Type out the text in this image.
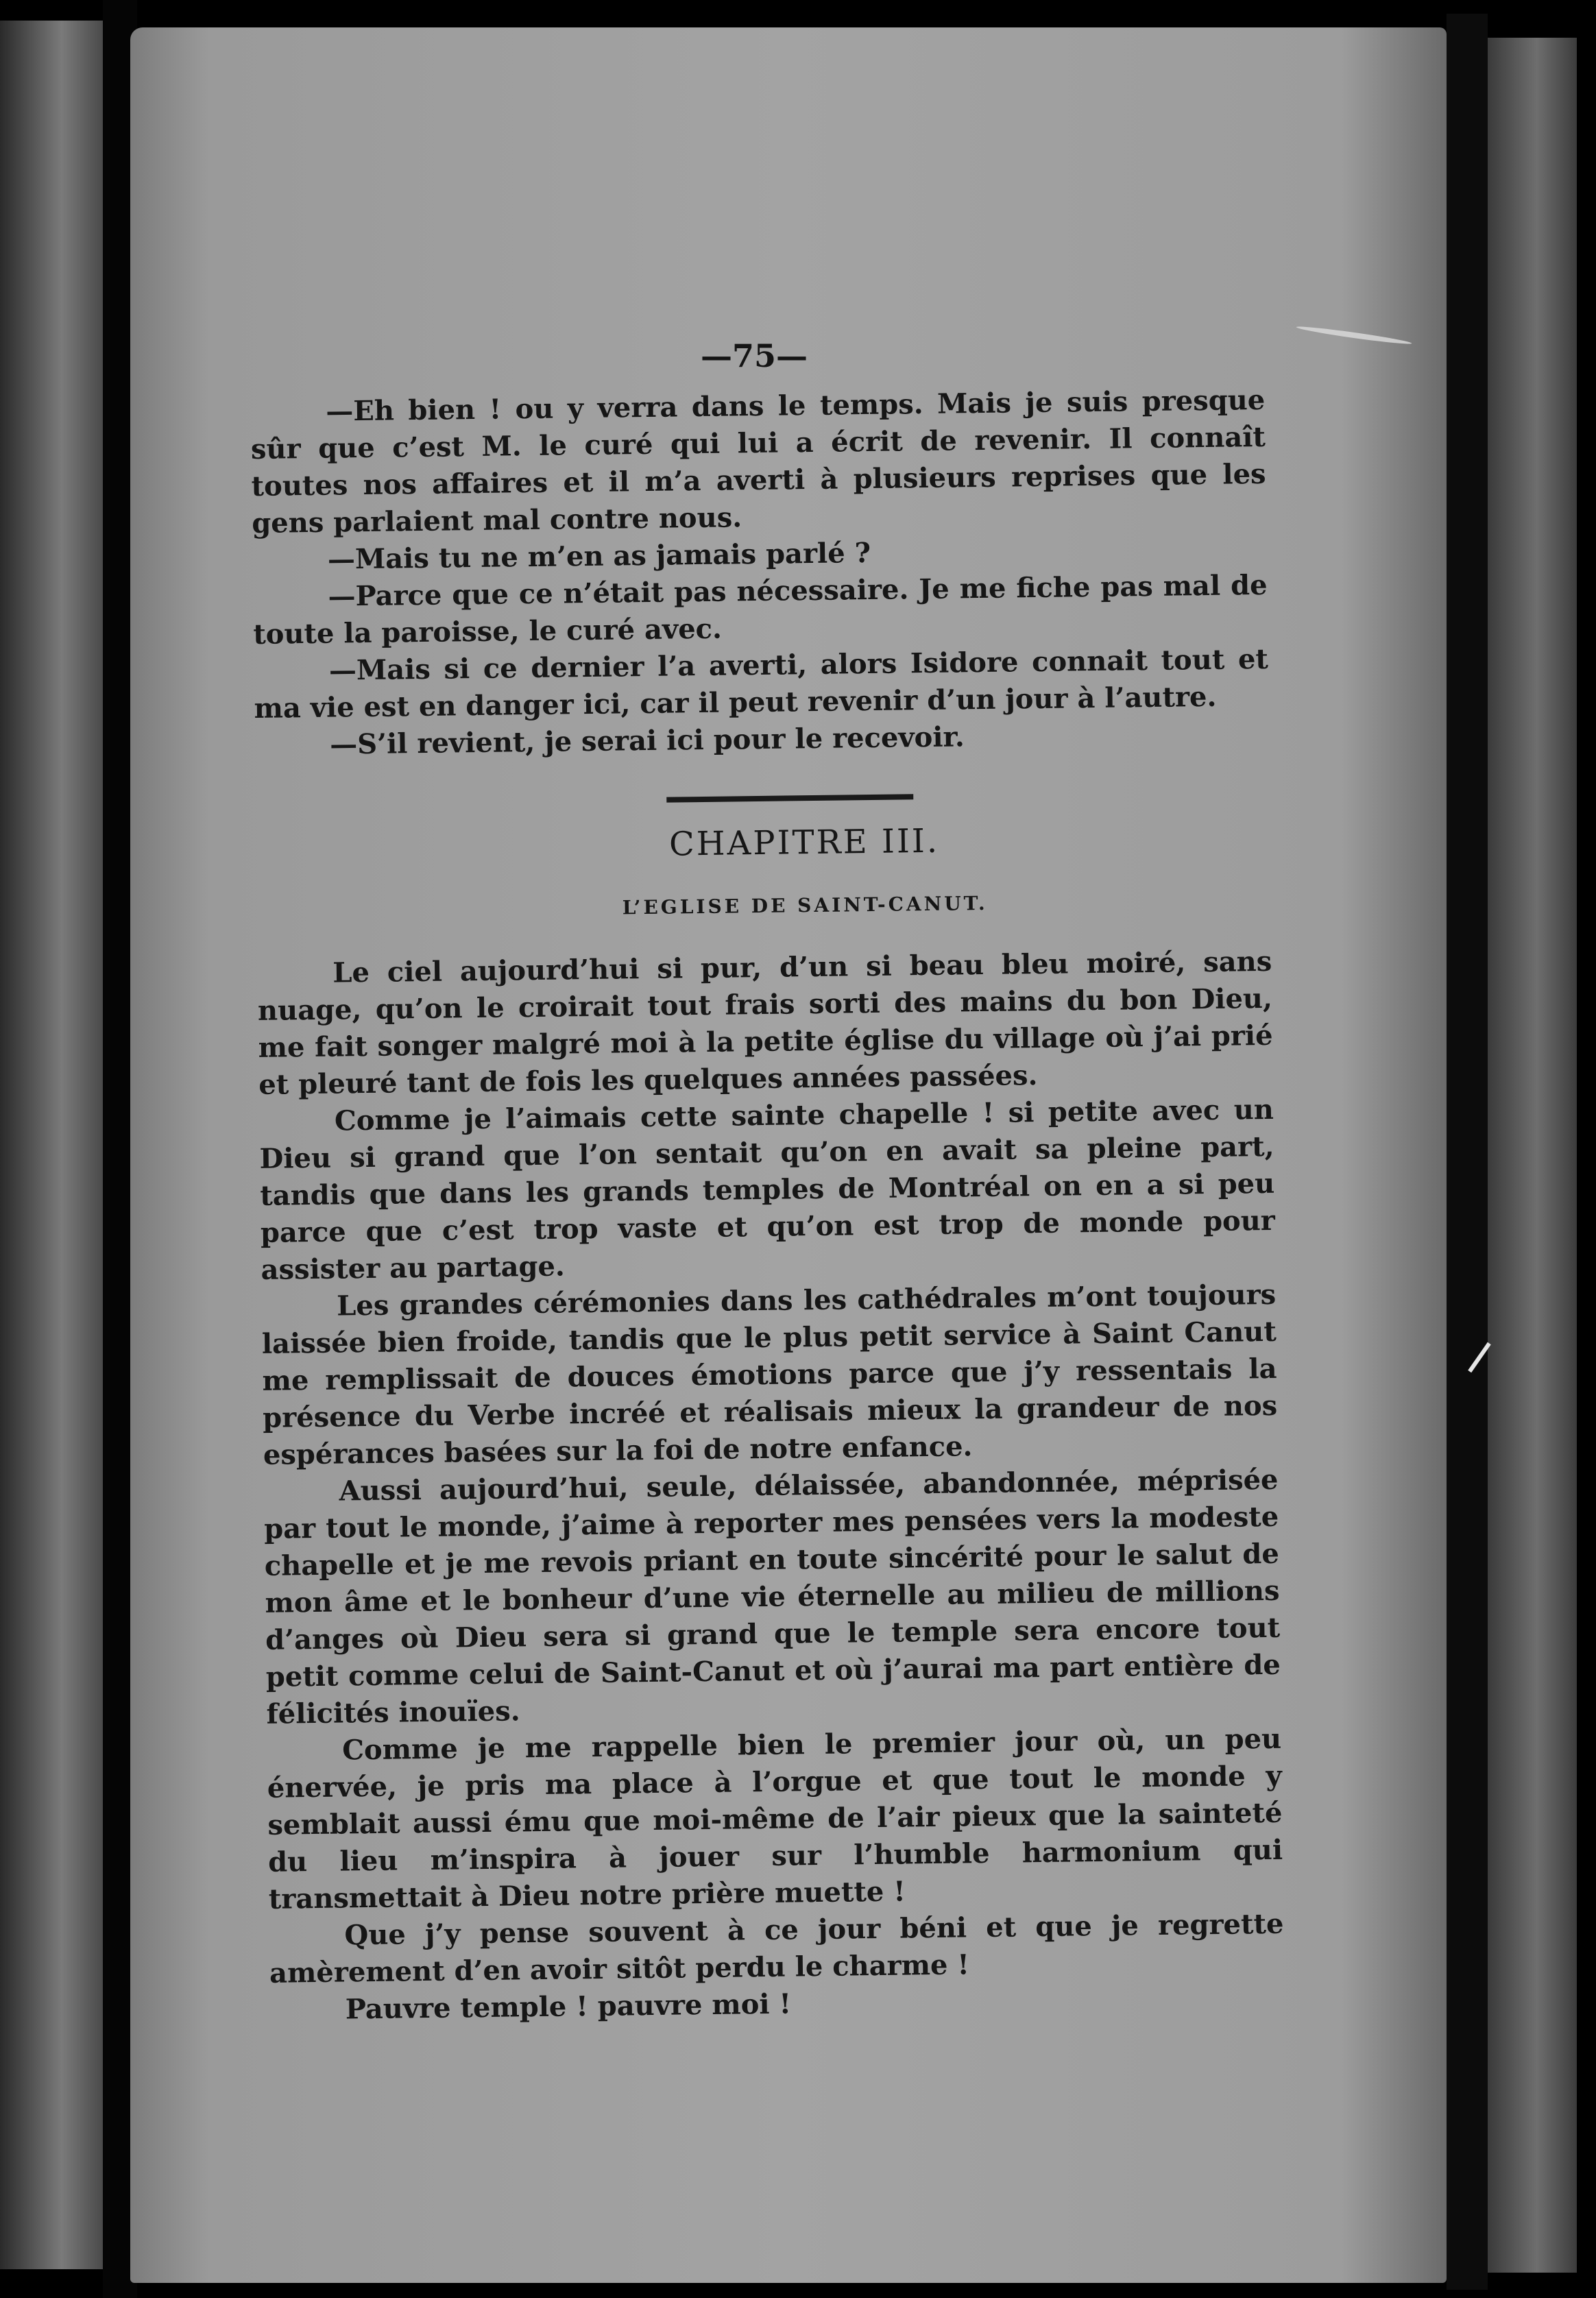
—75—

—Eh bien ! ou y verra dans le temps. Mais je suis presque sûr que c’est M. le curé qui lui a écrit de revenir. Il connaît toutes nos affaires et il m’a averti à plusieurs reprises que les gens parlaient mal contre nous.

—Mais tu ne m’en as jamais parlé ?

—Parce que ce n’était pas nécessaire. Je me fiche pas mal de toute la paroisse, le curé avec.

—Mais si ce dernier l’a averti, alors Isidore connait tout et ma vie est en danger ici, car il peut revenir d’un jour à l’autre.

—S’il revient, je serai ici pour le recevoir.

CHAPITRE III.
L’EGLISE DE SAINT-CANUT.

Le ciel aujourd’hui si pur, d’un si beau bleu moiré, sans nuage, qu’on le croirait tout frais sorti des mains du bon Dieu, me fait songer malgré moi à la petite église du village où j’ai prié et pleuré tant de fois les quelques années passées.

Comme je l’aimais cette sainte chapelle ! si petite avec un Dieu si grand que l’on sentait qu’on en avait sa pleine part, tandis que dans les grands temples de Montréal on en a si peu parce que c’est trop vaste et qu’on est trop de monde pour assister au partage.

Les grandes cérémonies dans les cathédrales m’ont toujours laissée bien froide, tandis que le plus petit service à Saint Canut me remplissait de douces émotions parce que j’y ressentais la présence du Verbe incréé et réalisais mieux la grandeur de nos espérances basées sur la foi de notre enfance.

Aussi aujourd’hui, seule, délaissée, abandonnée, méprisée par tout le monde, j’aime à reporter mes pensées vers la modeste chapelle et je me revois priant en toute sincérité pour le salut de mon âme et le bonheur d’une vie éternelle au milieu de millions d’anges où Dieu sera si grand que le temple sera encore tout petit comme celui de Saint-Canut et où j’aurai ma part entière de félicités inouïes.

Comme je me rappelle bien le premier jour où, un peu énervée, je pris ma place à l’orgue et que tout le monde y semblait aussi ému que moi-même de l’air pieux que la sainteté du lieu m’inspira à jouer sur l’humble harmonium qui transmettait à Dieu notre prière muette !

Que j’y pense souvent à ce jour béni et que je regrette amèrement d’en avoir sitôt perdu le charme !

Pauvre temple ! pauvre moi !
